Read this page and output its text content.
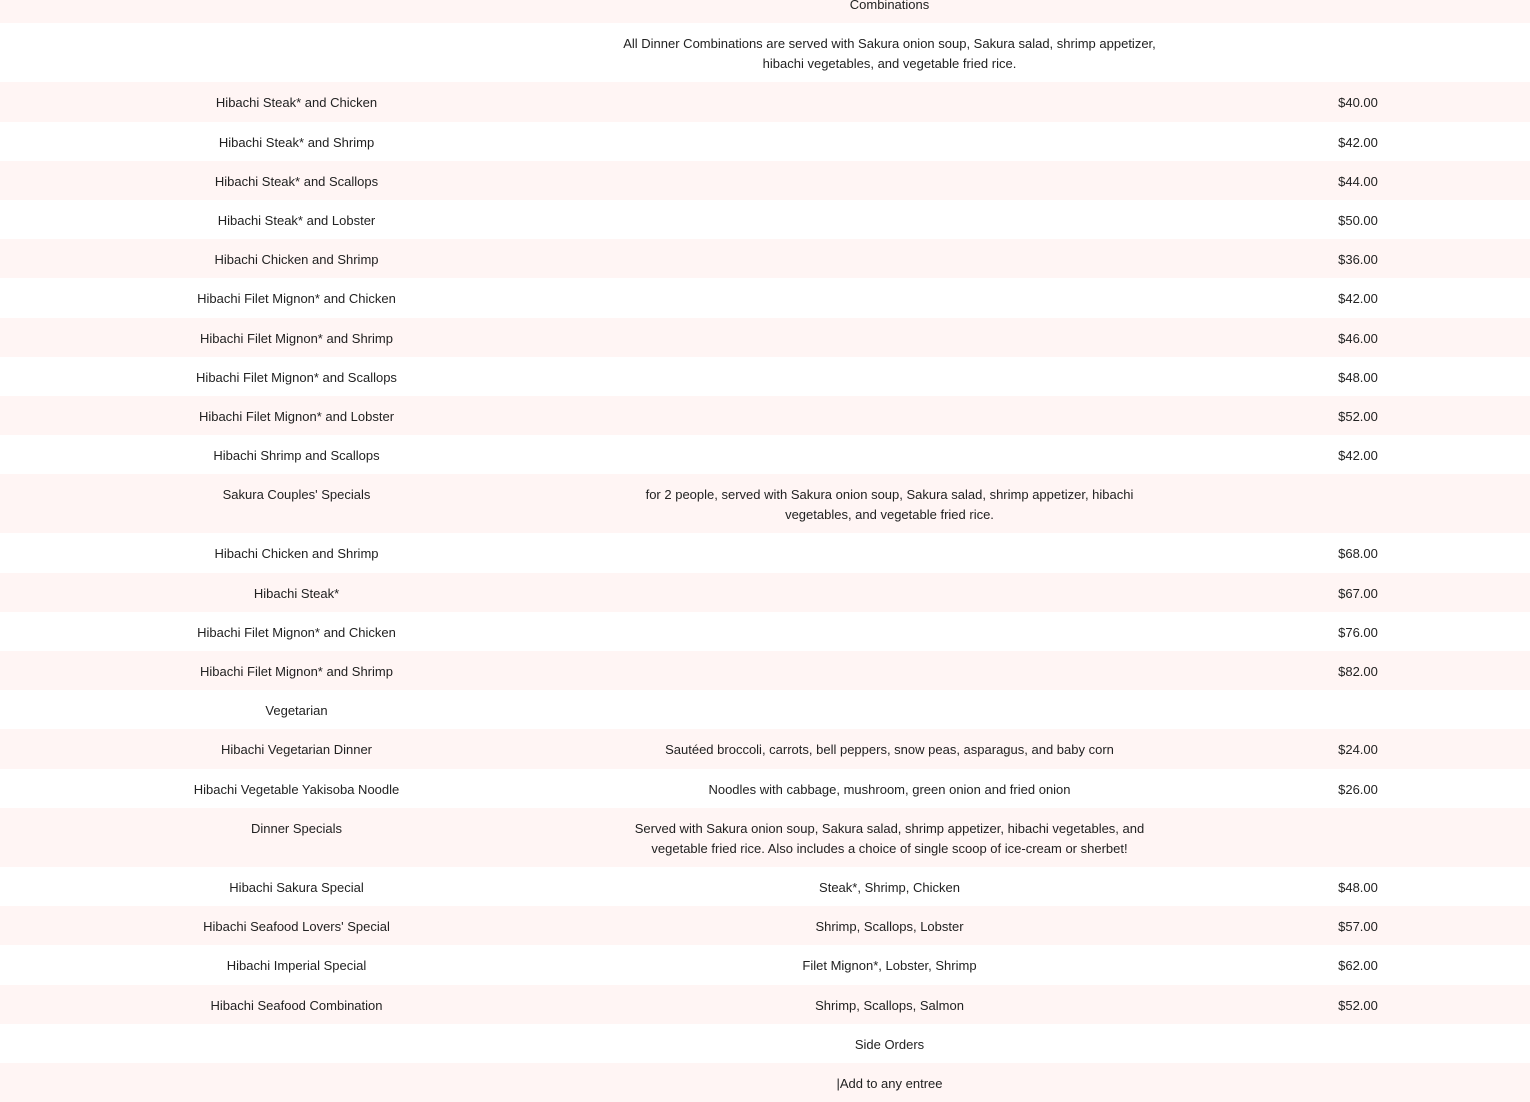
Combinations
All Dinner Combinations are served with Sakura onion soup, Sakura salad, shrimp appetizer, hibachi vegetables, and vegetable fried rice.
Hibachi Steak* and Chicken	$40.00
Hibachi Steak* and Shrimp	$42.00
Hibachi Steak* and Scallops	$44.00
Hibachi Steak* and Lobster	$50.00
Hibachi Chicken and Shrimp	$36.00
Hibachi Filet Mignon* and Chicken	$42.00
Hibachi Filet Mignon* and Shrimp	$46.00
Hibachi Filet Mignon* and Scallops	$48.00
Hibachi Filet Mignon* and Lobster	$52.00
Hibachi Shrimp and Scallops	$42.00
Sakura Couples' Specials	for 2 people, served with Sakura onion soup, Sakura salad, shrimp appetizer, hibachi vegetables, and vegetable fried rice.
Hibachi Chicken and Shrimp	$68.00
Hibachi Steak*	$67.00
Hibachi Filet Mignon* and Chicken	$76.00
Hibachi Filet Mignon* and Shrimp	$82.00
Vegetarian
Hibachi Vegetarian Dinner	Sautéed broccoli, carrots, bell peppers, snow peas, asparagus, and baby corn	$24.00
Hibachi Vegetable Yakisoba Noodle	Noodles with cabbage, mushroom, green onion and fried onion	$26.00
Dinner Specials	Served with Sakura onion soup, Sakura salad, shrimp appetizer, hibachi vegetables, and vegetable fried rice. Also includes a choice of single scoop of ice-cream or sherbet!
Hibachi Sakura Special	Steak*, Shrimp, Chicken	$48.00
Hibachi Seafood Lovers' Special	Shrimp, Scallops, Lobster	$57.00
Hibachi Imperial Special	Filet Mignon*, Lobster, Shrimp	$62.00
Hibachi Seafood Combination	Shrimp, Scallops, Salmon	$52.00
Side Orders
|Add to any entree
